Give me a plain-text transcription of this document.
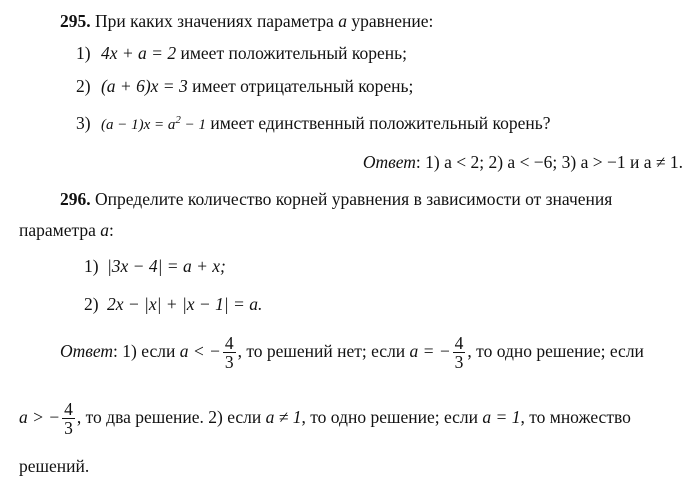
295. При каких значениях параметра a уравнение:
1) 4x + a = 2 имеет положительный корень;
2) (a + 6)x = 3 имеет отрицательный корень;
3) $(a - 1)x = a^2 - 1$ имеет единственный положительный корень?
Ответ: 1) a < 2; 2) a < −6; 3) a > −1 и a ≠ 1.
296. Определите количество корней уравнения в зависимости от значения
параметра a:
1) |3x − 4| = a + x;
2) 2x − |x| + |x − 1| = a.
Ответ: 1) если a < − $\frac{4}{3}$ , то решений нет; если a = − $\frac{4}{3}$ , то одно решение; если
a > − $\frac{4}{3}$ , то два решение. 2) если a ≠ 1, то одно решение; если a = 1, то множество
решений.
